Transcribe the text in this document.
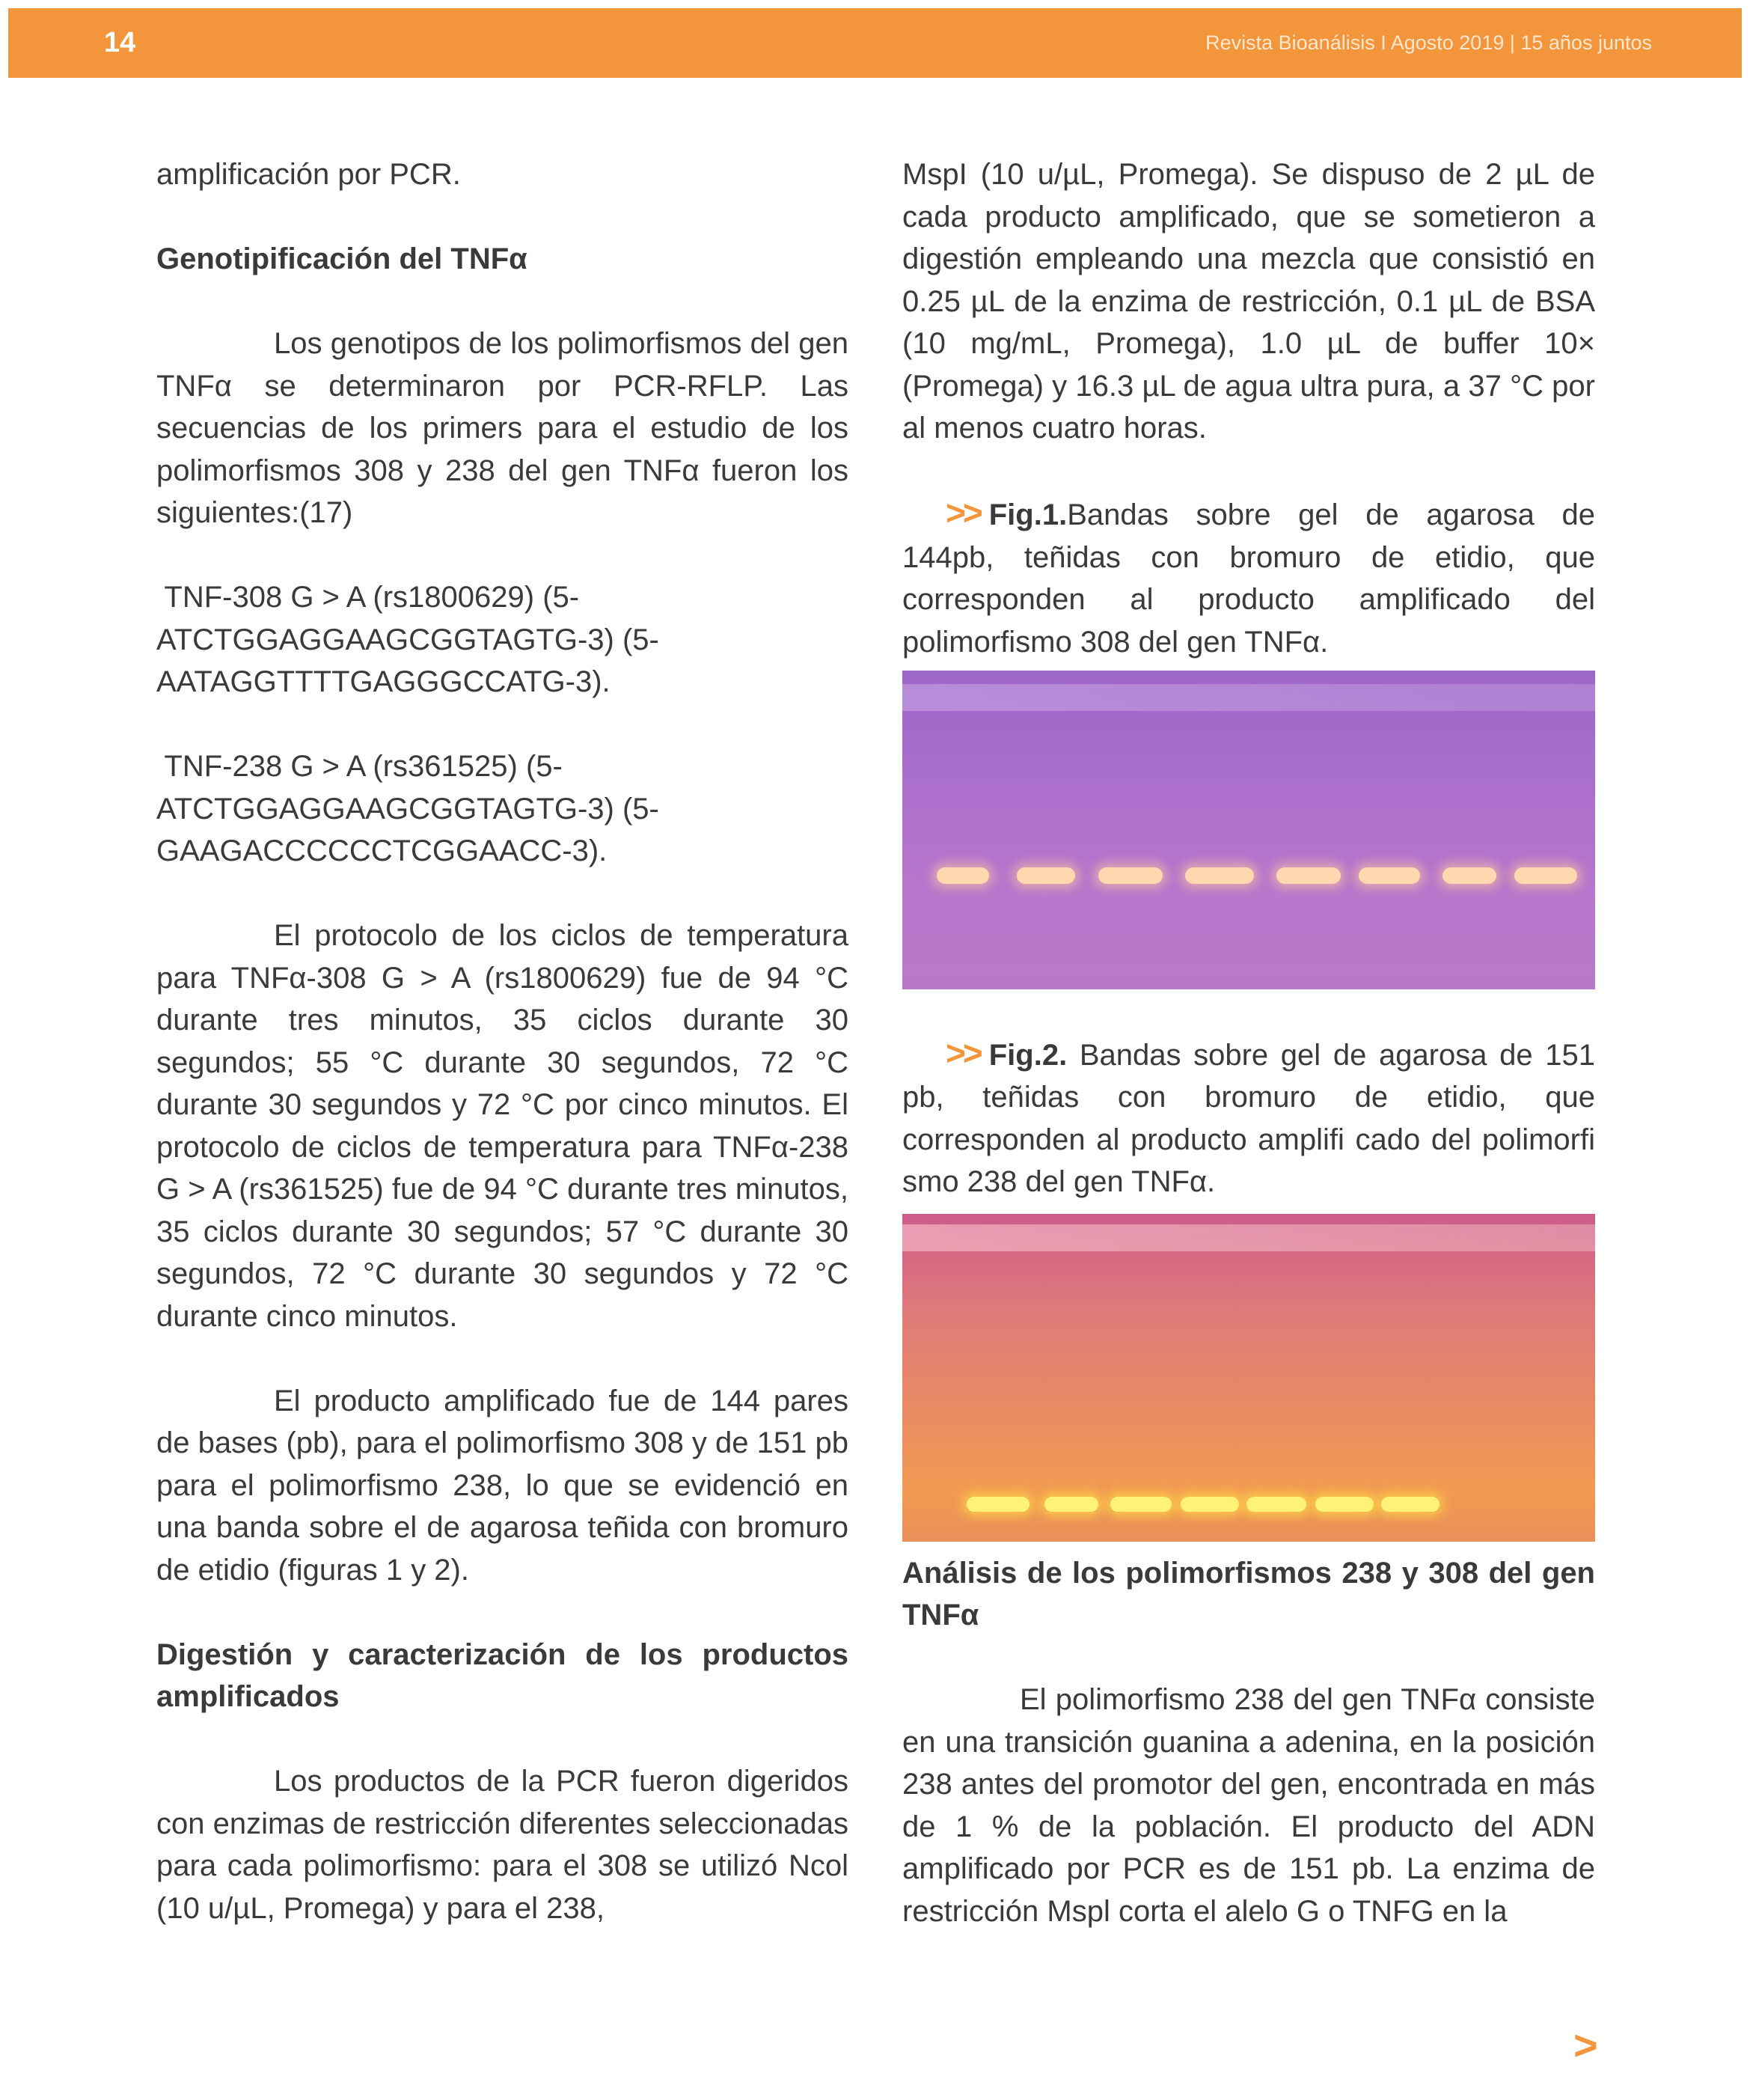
14	Revista Bioanálisis I Agosto 2019 | 15 años juntos

amplificación por PCR.

Genotipificación del TNFα

Los genotipos de los polimorfismos del gen TNFα se determinaron por PCR-RFLP. Las secuencias de los primers para el estudio de los polimorfismos 308 y 238 del gen TNFα fueron los siguientes:(17)

TNF-308 G > A (rs1800629) (5-

ATCTGGAGGAAGCGGTAGTG-3) (5-

AATAGGTTTTGAGGGCCATG-3).

TNF-238 G > A (rs361525) (5-

ATCTGGAGGAAGCGGTAGTG-3) (5-

GAAGACCCCCCTCGGAACC-3).

El protocolo de los ciclos de temperatura para TNFα-308 G > A (rs1800629) fue de 94 °C durante tres minutos, 35 ciclos durante 30 segundos; 55 °C durante 30 segundos, 72 °C durante 30 segundos y 72 °C por cinco minutos. El protocolo de ciclos de temperatura para TNFα-238 G > A (rs361525) fue de 94 °C durante tres minutos, 35 ciclos durante 30 segundos; 57 °C durante 30 segundos, 72 °C durante 30 segundos y 72 °C durante cinco minutos.

El producto amplificado fue de 144 pares de bases (pb), para el polimorfismo 308 y de 151 pb para el polimorfismo 238, lo que se evidenció en una banda sobre el de agarosa teñida con bromuro de etidio (figuras 1 y 2).

Digestión y caracterización de los productos amplificados

Los productos de la PCR fueron digeridos con enzimas de restricción diferentes seleccionadas para cada polimorfismo: para el 308 se utilizó Ncol (10 u/µL, Promega) y para el 238,

MspI (10 u/µL, Promega). Se dispuso de 2 µL de cada producto amplificado, que se sometieron a digestión empleando una mezcla que consistió en 0.25 µL de la enzima de restricción, 0.1 µL de BSA (10 mg/mL, Promega), 1.0 µL de buffer 10× (Promega) y 16.3 µL de agua ultra pura, a 37 °C por al menos cuatro horas.

>> Fig.1.Bandas sobre gel de agarosa de 144pb, teñidas con bromuro de etidio, que corresponden al producto amplificado del polimorfismo 308 del gen TNFα.

>> Fig.2. Bandas sobre gel de agarosa de 151 pb, teñidas con bromuro de etidio, que corresponden al producto amplifi cado del polimorfi smo 238 del gen TNFα.

Análisis de los polimorfismos 238 y 308 del gen TNFα

El polimorfismo 238 del gen TNFα consiste en una transición guanina a adenina, en la posición 238 antes del promotor del gen, encontrada en más de 1 % de la población. El producto del ADN amplificado por PCR es de 151 pb. La enzima de restricción Mspl corta el alelo G o TNFG en la

>
